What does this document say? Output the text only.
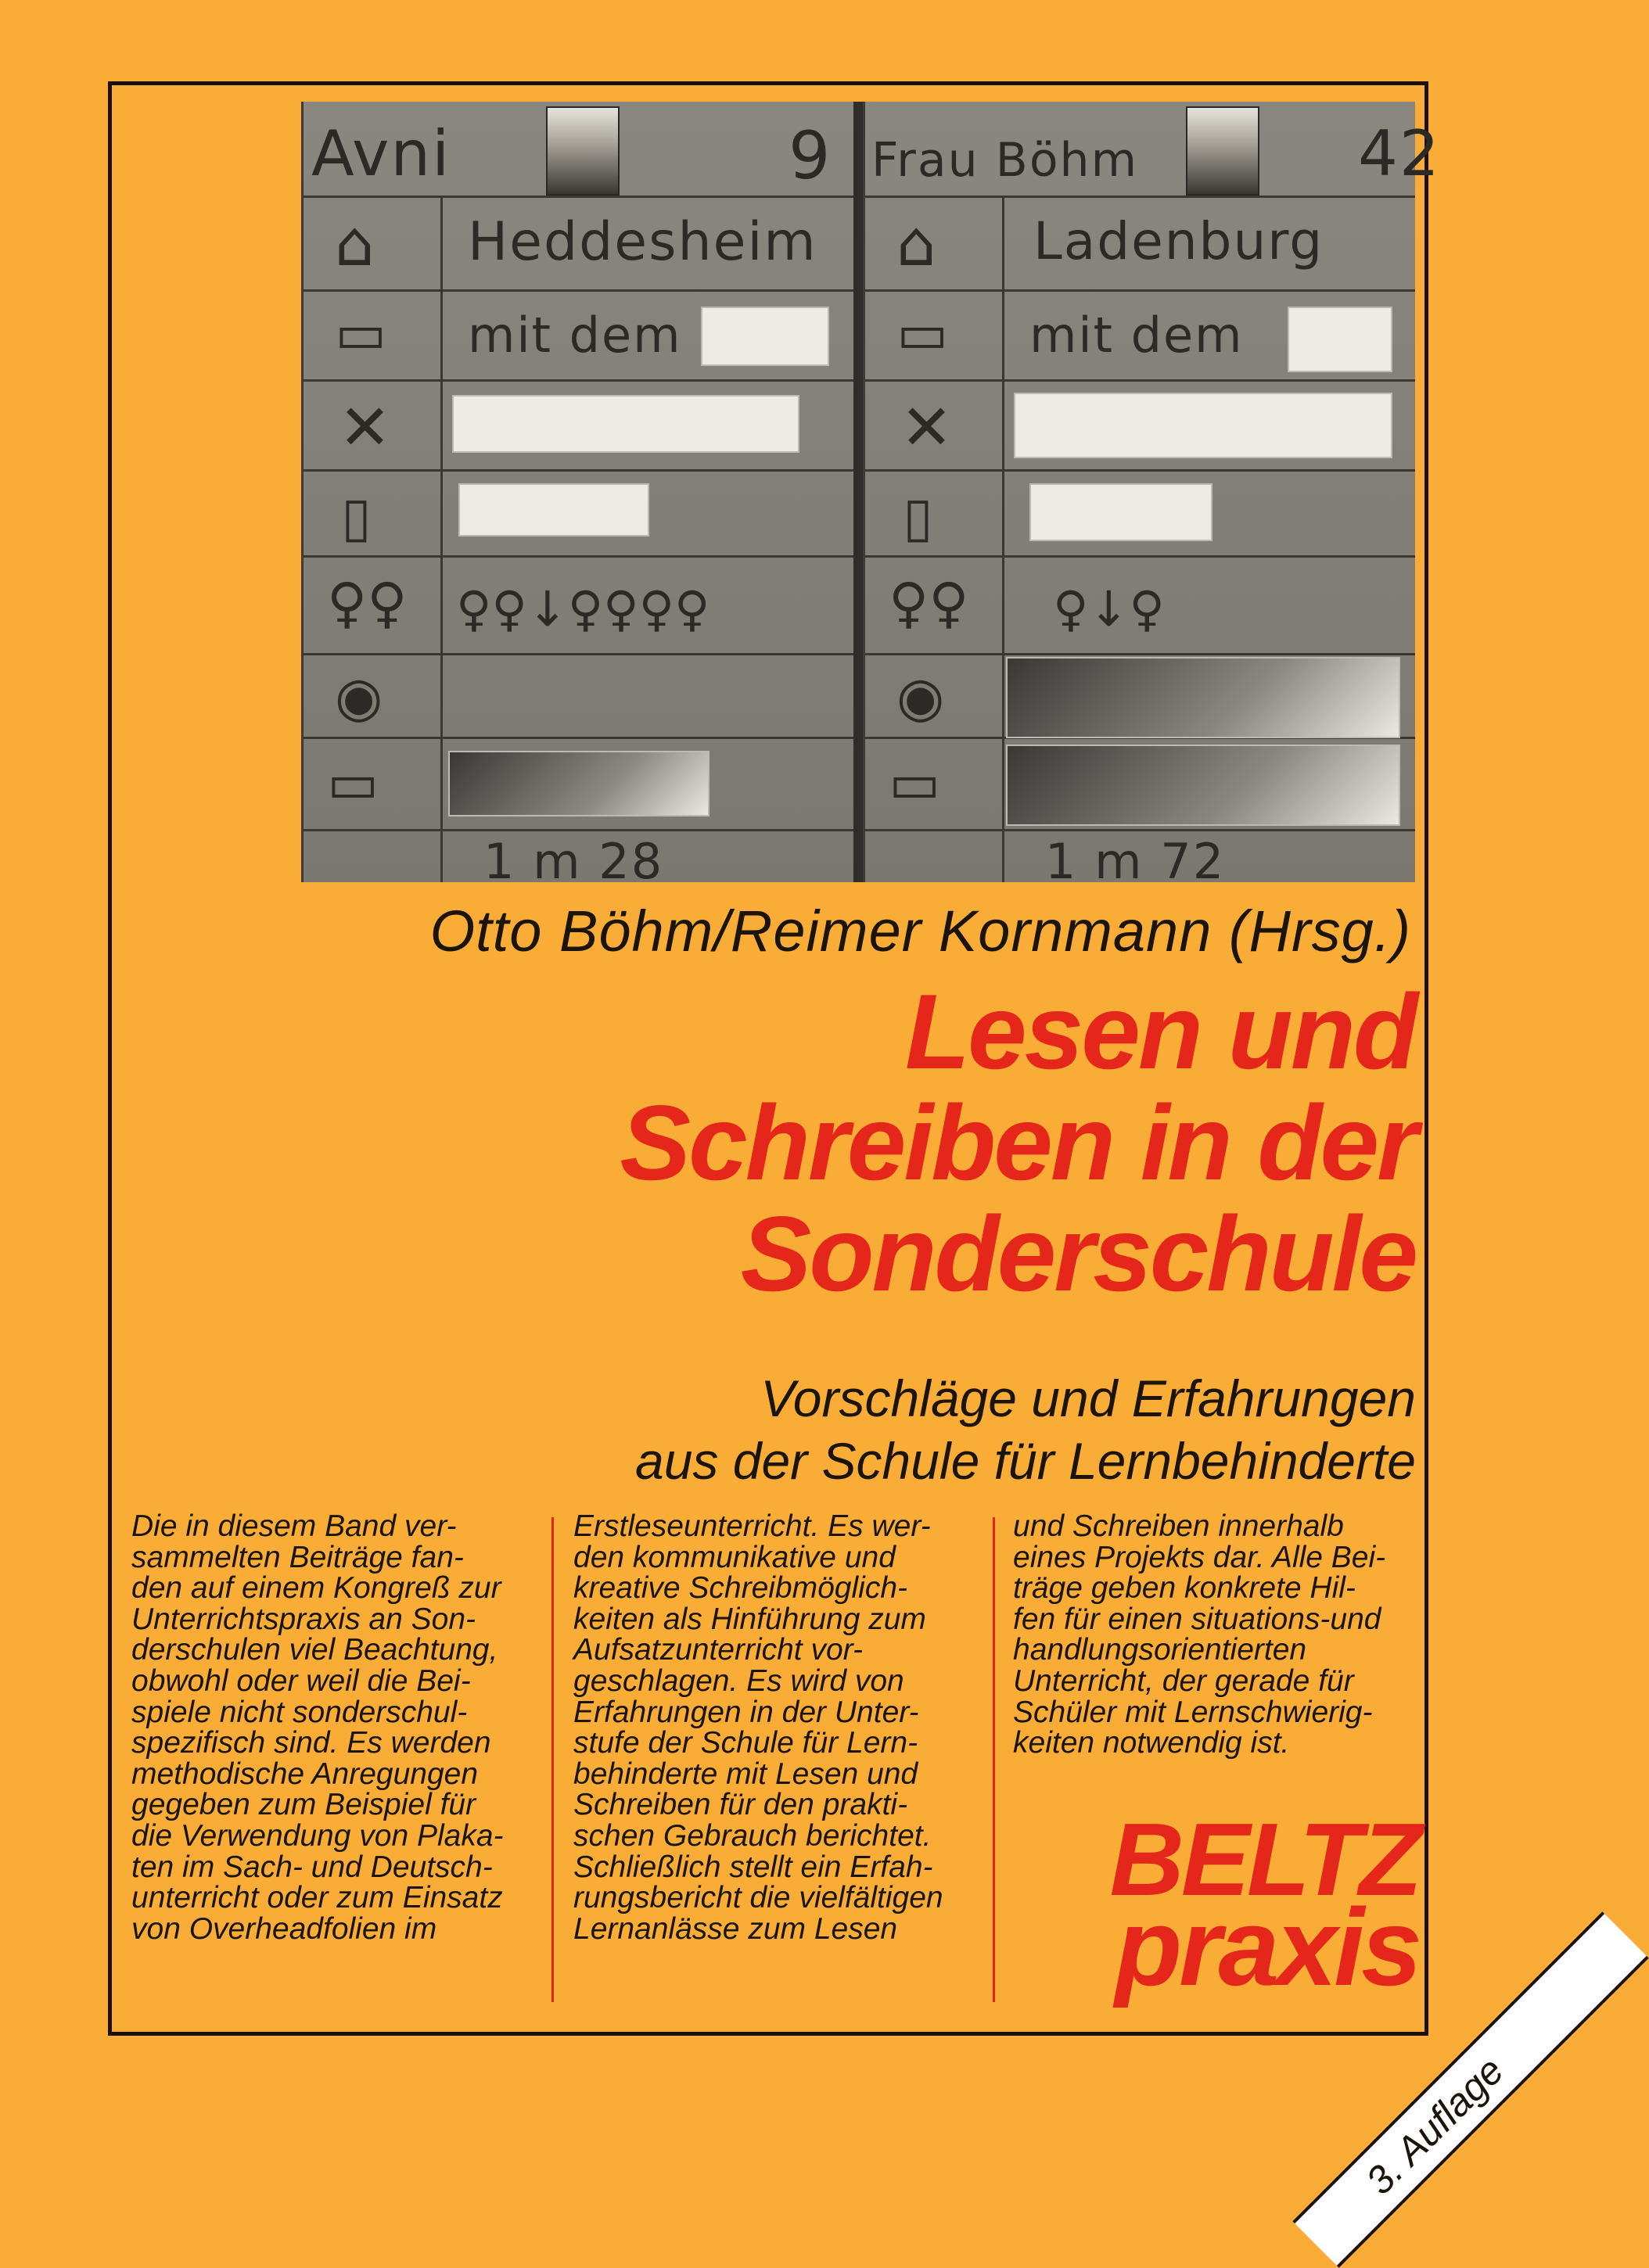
Avni	9
⌂ Heddesheim
▭ mit dem
✕
▯
♀♀ ♀♀↓♀♀♀♀
◉
▭
1 m 28
Frau Böhm	42
⌂ Ladenburg
▭ mit dem
✕
▯
♀♀ ♀↓♀
◉
▭
1 m 72
Otto Böhm/Reimer Kornmann (Hrsg.)
Lesen und
Schreiben in der
Sonderschule
Vorschläge und Erfahrungen
aus der Schule für Lernbehinderte
Die in diesem Band ver-
sammelten Beiträge fan-
den auf einem Kongreß zur
Unterrichtspraxis an Son-
derschulen viel Beachtung,
obwohl oder weil die Bei-
spiele nicht sonderschul-
spezifisch sind. Es werden
methodische Anregungen
gegeben zum Beispiel für
die Verwendung von Plaka-
ten im Sach- und Deutsch-
unterricht oder zum Einsatz
von Overheadfolien im
Erstleseunterricht. Es wer-
den kommunikative und
kreative Schreibmöglich-
keiten als Hinführung zum
Aufsatzunterricht vor-
geschlagen. Es wird von
Erfahrungen in der Unter-
stufe der Schule für Lern-
behinderte mit Lesen und
Schreiben für den prakti-
schen Gebrauch berichtet.
Schließlich stellt ein Erfah-
rungsbericht die vielfältigen
Lernanlässe zum Lesen
und Schreiben innerhalb
eines Projekts dar. Alle Bei-
träge geben konkrete Hil-
fen für einen situations-und
handlungsorientierten
Unterricht, der gerade für
Schüler mit Lernschwierig-
keiten notwendig ist.
BELTZ
praxis
3. Auflage
